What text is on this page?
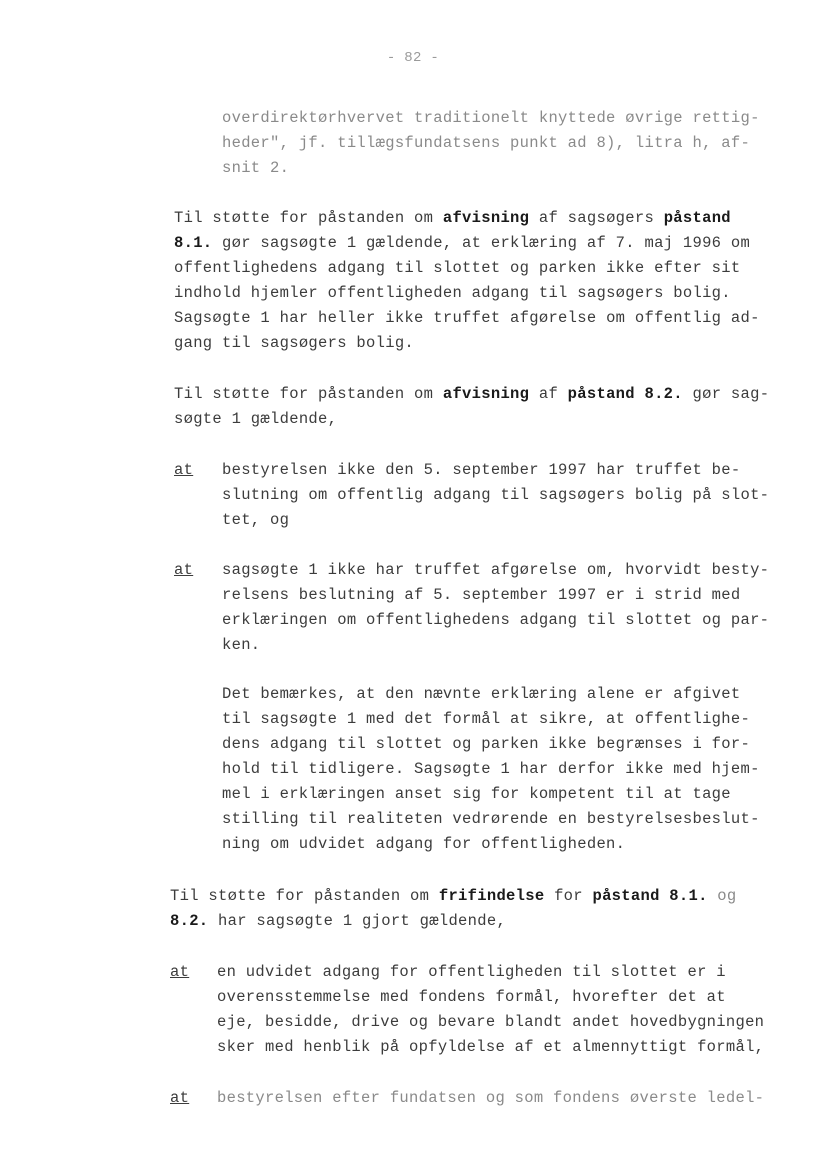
- 82 -
overdirektørhvervet traditionelt knyttede øvrige rettig-
heder", jf. tillægsfundatsens punkt ad 8), litra h, af-
snit 2.
Til støtte for påstanden om afvisning af sagsøgers påstand
8.1. gør sagsøgte 1 gældende, at erklæring af 7. maj 1996 om
offentlighedens adgang til slottet og parken ikke efter sit
indhold hjemler offentligheden adgang til sagsøgers bolig.
Sagsøgte 1 har heller ikke truffet afgørelse om offentlig ad-
gang til sagsøgers bolig.
Til støtte for påstanden om afvisning af påstand 8.2. gør sag-
søgte 1 gældende,
at bestyrelsen ikke den 5. september 1997 har truffet be-
slutning om offentlig adgang til sagsøgers bolig på slot-
tet, og
at sagsøgte 1 ikke har truffet afgørelse om, hvorvidt besty-
relsens beslutning af 5. september 1997 er i strid med
erklæringen om offentlighedens adgang til slottet og par-
ken.
Det bemærkes, at den nævnte erklæring alene er afgivet
til sagsøgte 1 med det formål at sikre, at offentlighe-
dens adgang til slottet og parken ikke begrænses i for-
hold til tidligere. Sagsøgte 1 har derfor ikke med hjem-
mel i erklæringen anset sig for kompetent til at tage
stilling til realiteten vedrørende en bestyrelsesbeslut-
ning om udvidet adgang for offentligheden.
Til støtte for påstanden om frifindelse for påstand 8.1. og
8.2. har sagsøgte 1 gjort gældende,
at en udvidet adgang for offentligheden til slottet er i
overensstemmelse med fondens formål, hvorefter det at
eje, besidde, drive og bevare blandt andet hovedbygningen
sker med henblik på opfyldelse af et almennyttigt formål,
at bestyrelsen efter fundatsen og som fondens øverste ledel-
